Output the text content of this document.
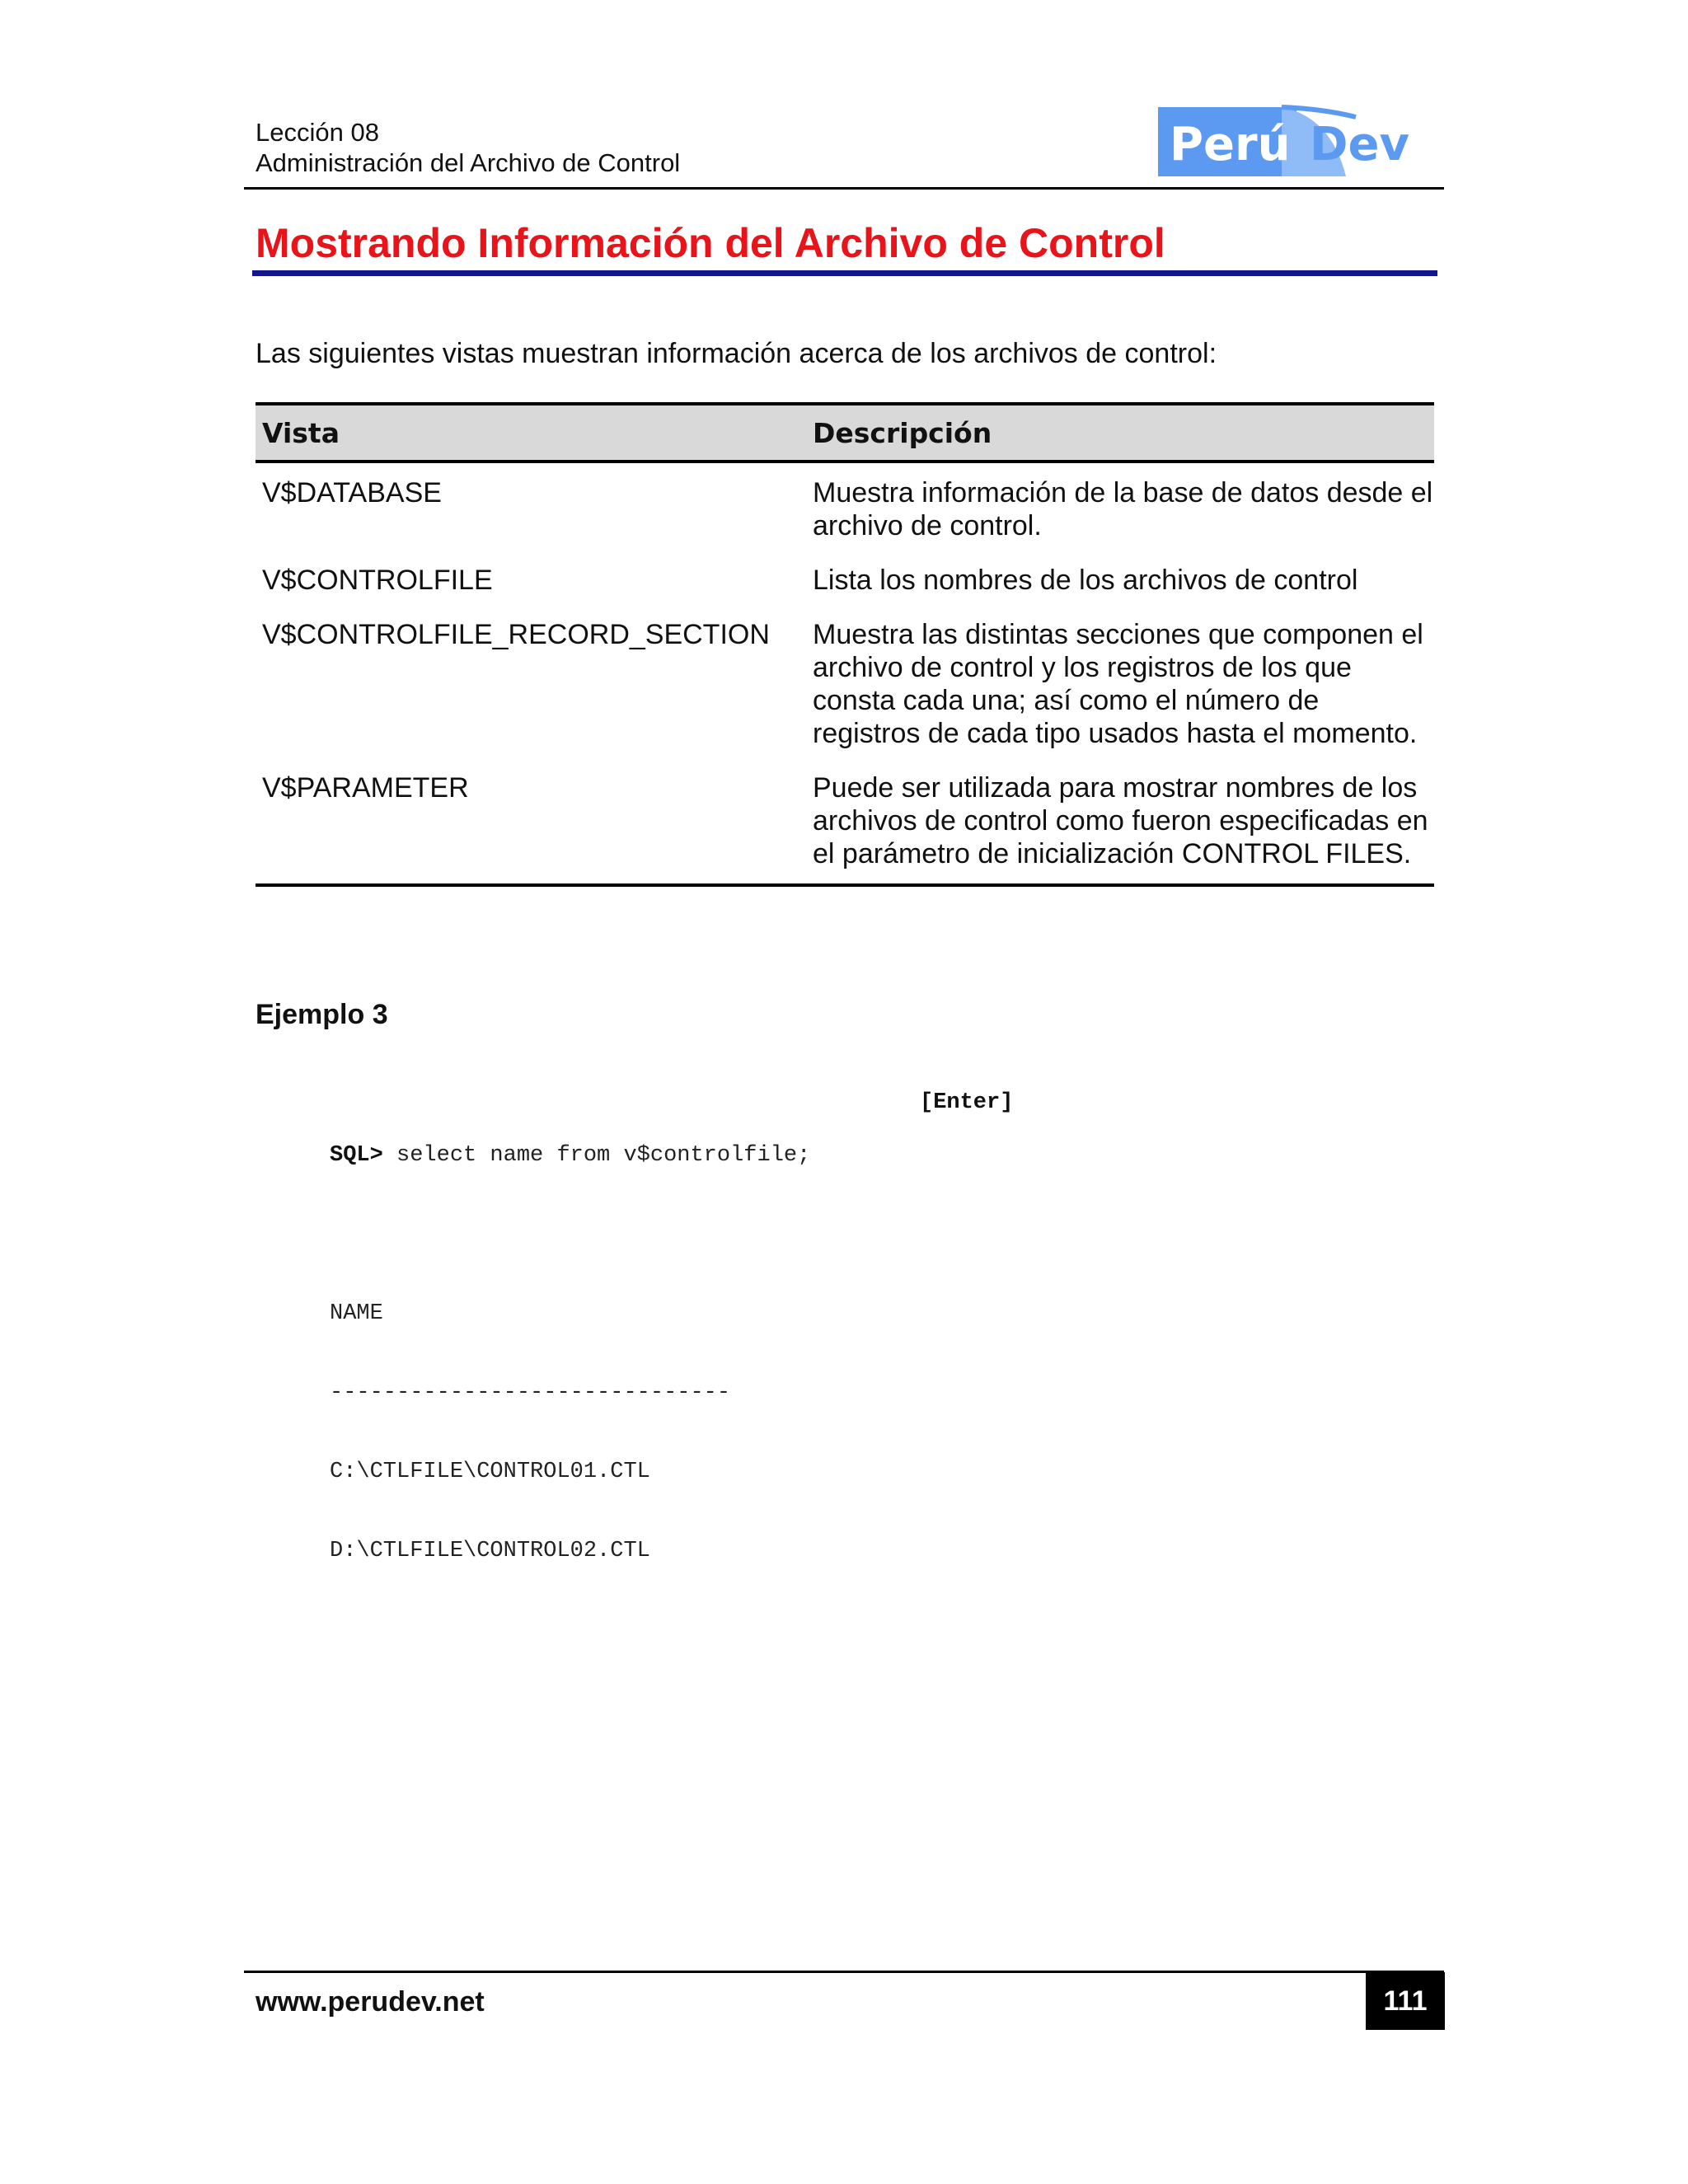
Lección 08
Administración del Archivo de Control	Perú Dev
Mostrando Información del Archivo de Control
Las siguientes vistas muestran información acerca de los archivos de control:
Vista	Descripción
V$DATABASE	Muestra información de la base de datos desde el archivo de control.
V$CONTROLFILE	Lista los nombres de los archivos de control
V$CONTROLFILE_RECORD_SECTION	Muestra las distintas secciones que componen el archivo de control y los registros de los que consta cada una; así como el número de registros de cada tipo usados hasta el momento.
V$PARAMETER	Puede ser utilizada para mostrar nombres de los archivos de control como fueron especificadas en el parámetro de inicialización CONTROL FILES.
Ejemplo 3

SQL> select name from v$controlfile;

NAME

------------------------------

C:\CTLFILE\CONTROL01.CTL

D:\CTLFILE\CONTROL02.CTL

[Enter]
www.perudev.net	111
